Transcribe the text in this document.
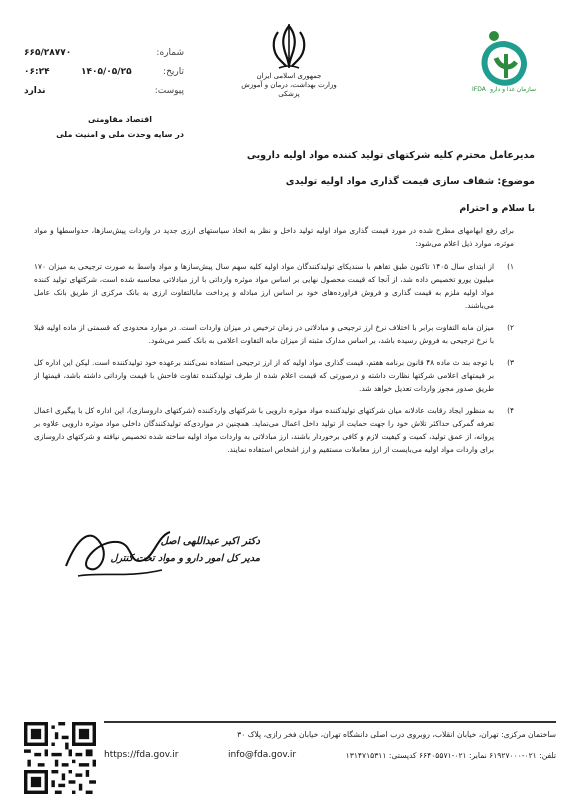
شماره:
۶۶۵/۲۸۷۷۰
تاریخ:
۱۴۰۵/۰۵/۲۵
۰۶:۲۴
پیوست:
ندارد
اقتصاد مقاومتی
در سایه وحدت ملی و امنیت ملی
جمهوری اسلامی ایران
وزارت بهداشت، درمان و آموزش پزشکی
IFDA سازمان غذا و دارو
مدیرعامل محترم کلیه شرکتهای تولید کننده مواد اولیه دارویی
موضوع: شفاف سازی قیمت گذاری مواد اولیه تولیدی
با سلام و احترام

برای رفع ابهامهای مطرح شده در مورد قیمت گذاری مواد اولیه تولید داخل و نظر به اتخاذ سیاستهای ارزی جدید در واردات پیش‌سازها، حدواسطها و مواد موثره، موارد ذیل اعلام می‌شود:

۱)
از ابتدای سال ۱۴۰۵ تاکنون طبق تفاهم با سندیکای تولیدکنندگان مواد اولیه کلیه سهم سال پیش‌سازها و مواد واسط به صورت ترجیحی به میزان ۱۷۰ میلیون یورو تخصیص داده شد، از آنجا که قیمت محصول نهایی بر اساس مواد موثره وارداتی با ارز مبادلاتی محاسبه شده است، شرکتهای تولید کننده مواد اولیه ملزم به قیمت گذاری و فروش فراورده‌های خود بر اساس ارز مبادله و پرداخت مابالتفاوت ارزی به بانک مرکزی از طریق بانک عامل می‌باشند.
۲)
میزان مابه التفاوت برابر با اختلاف نرخ ارز ترجیحی و مبادلاتی در زمان ترخیص در میزان واردات است. در موارد محدودی که قسمتی از ماده اولیه قبلا با نرخ ترجیحی به فروش رسیده باشد، بر اساس مدارک مثبته از میزان مابه التفاوت اعلامی به بانک کسر می‌شود.
۳)
با توجه بند ث ماده ۴۸ قانون برنامه هفتم، قیمت گذاری مواد اولیه که از ارز ترجیحی استفاده نمی‌کنند برعهده خود تولیدکننده است. لیکن این اداره کل بر قیمتهای اعلامی شرکتها نظارت داشته و درصورتی که قیمت اعلام شده از طرف تولیدکننده تفاوت فاحش با قیمت وارداتی داشته باشد، قیمتها از طریق صدور مجوز واردات تعدیل خواهد شد.
۴)
به منظور ایجاد رقابت عادلانه میان شرکتهای تولیدکننده مواد موثره دارویی با شرکتهای واردکننده (شرکتهای داروسازی)، این اداره کل با پیگیری اعمال تعرفه گمرکی حداکثر تلاش خود را جهت حمایت از تولید داخل اعمال می‌نماید. همچنین در مواردی‌که تولیدکنندگان داخلی مواد موثره دارویی علاوه بر پروانه، از عمق تولید، کمیت و کیفیت لازم و کافی برخوردار باشند، ارز مبادلاتی به واردات مواد اولیه ساخته شده تخصیص نیافته و شرکتهای داروسازی برای واردات مواد اولیه می‌بایست از ارز معاملات مستقیم و ارز اشخاص استفاده نمایند.
دکتر اکبر عبداللهی اصل
مدیر کل امور دارو و مواد تحت کنترل
ساختمان مرکزی: تهران، خیابان انقلاب، روبروی درب اصلی دانشگاه تهران، خیابان فخر رازی، پلاک ۳۰
تلفن: ۰۲۱-۶۱۹۲۷۰۰۰ نمابر: ۰۲۱-۶۶۴۰۵۵۷۱ کدپستی: ۱۳۱۴۷۱۵۳۱۱
info@fda.gov.ir
https://fda.gov.ir
